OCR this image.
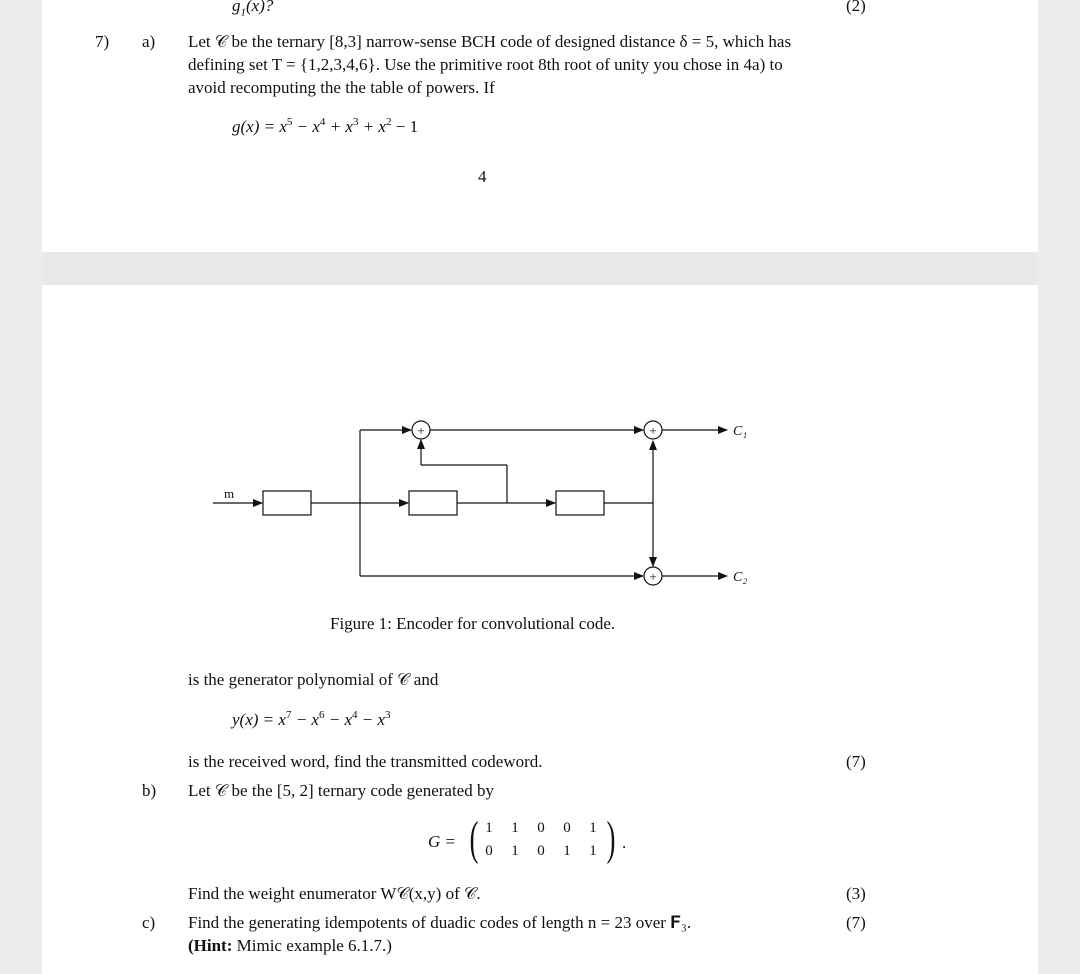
$g_1(x)$?	(2)
7) a) Let 𝒞 be the ternary [8,3] narrow-sense BCH code of designed distance δ = 5, which has
defining set T = {1,2,3,4,6}. Use the primitive root 8th root of unity you chose in 4a) to
avoid recomputing the the table of powers. If
$g(x) = x^5 - x^4 + x^3 + x^2 - 1$
4
+	+
+
m
C₁
C₂
Figure 1: Encoder for convolutional code.
is the generator polynomial of 𝒞 and
$y(x) = x^7 - x^6 - x^4 - x^3$
is the received word, find the transmitted codeword.	(7)
b) Let 𝒞 be the [5, 2] ternary code generated by
G = (	)
1	1	0	0	1
0	1	0	1	1	.
Find the weight enumerator W𝒞(x,y) of 𝒞.	(3)
c) Find the generating idempotents of duadic codes of length n = 23 over 𝐅₃.	(7)
(Hint: Mimic example 6.1.7.)
